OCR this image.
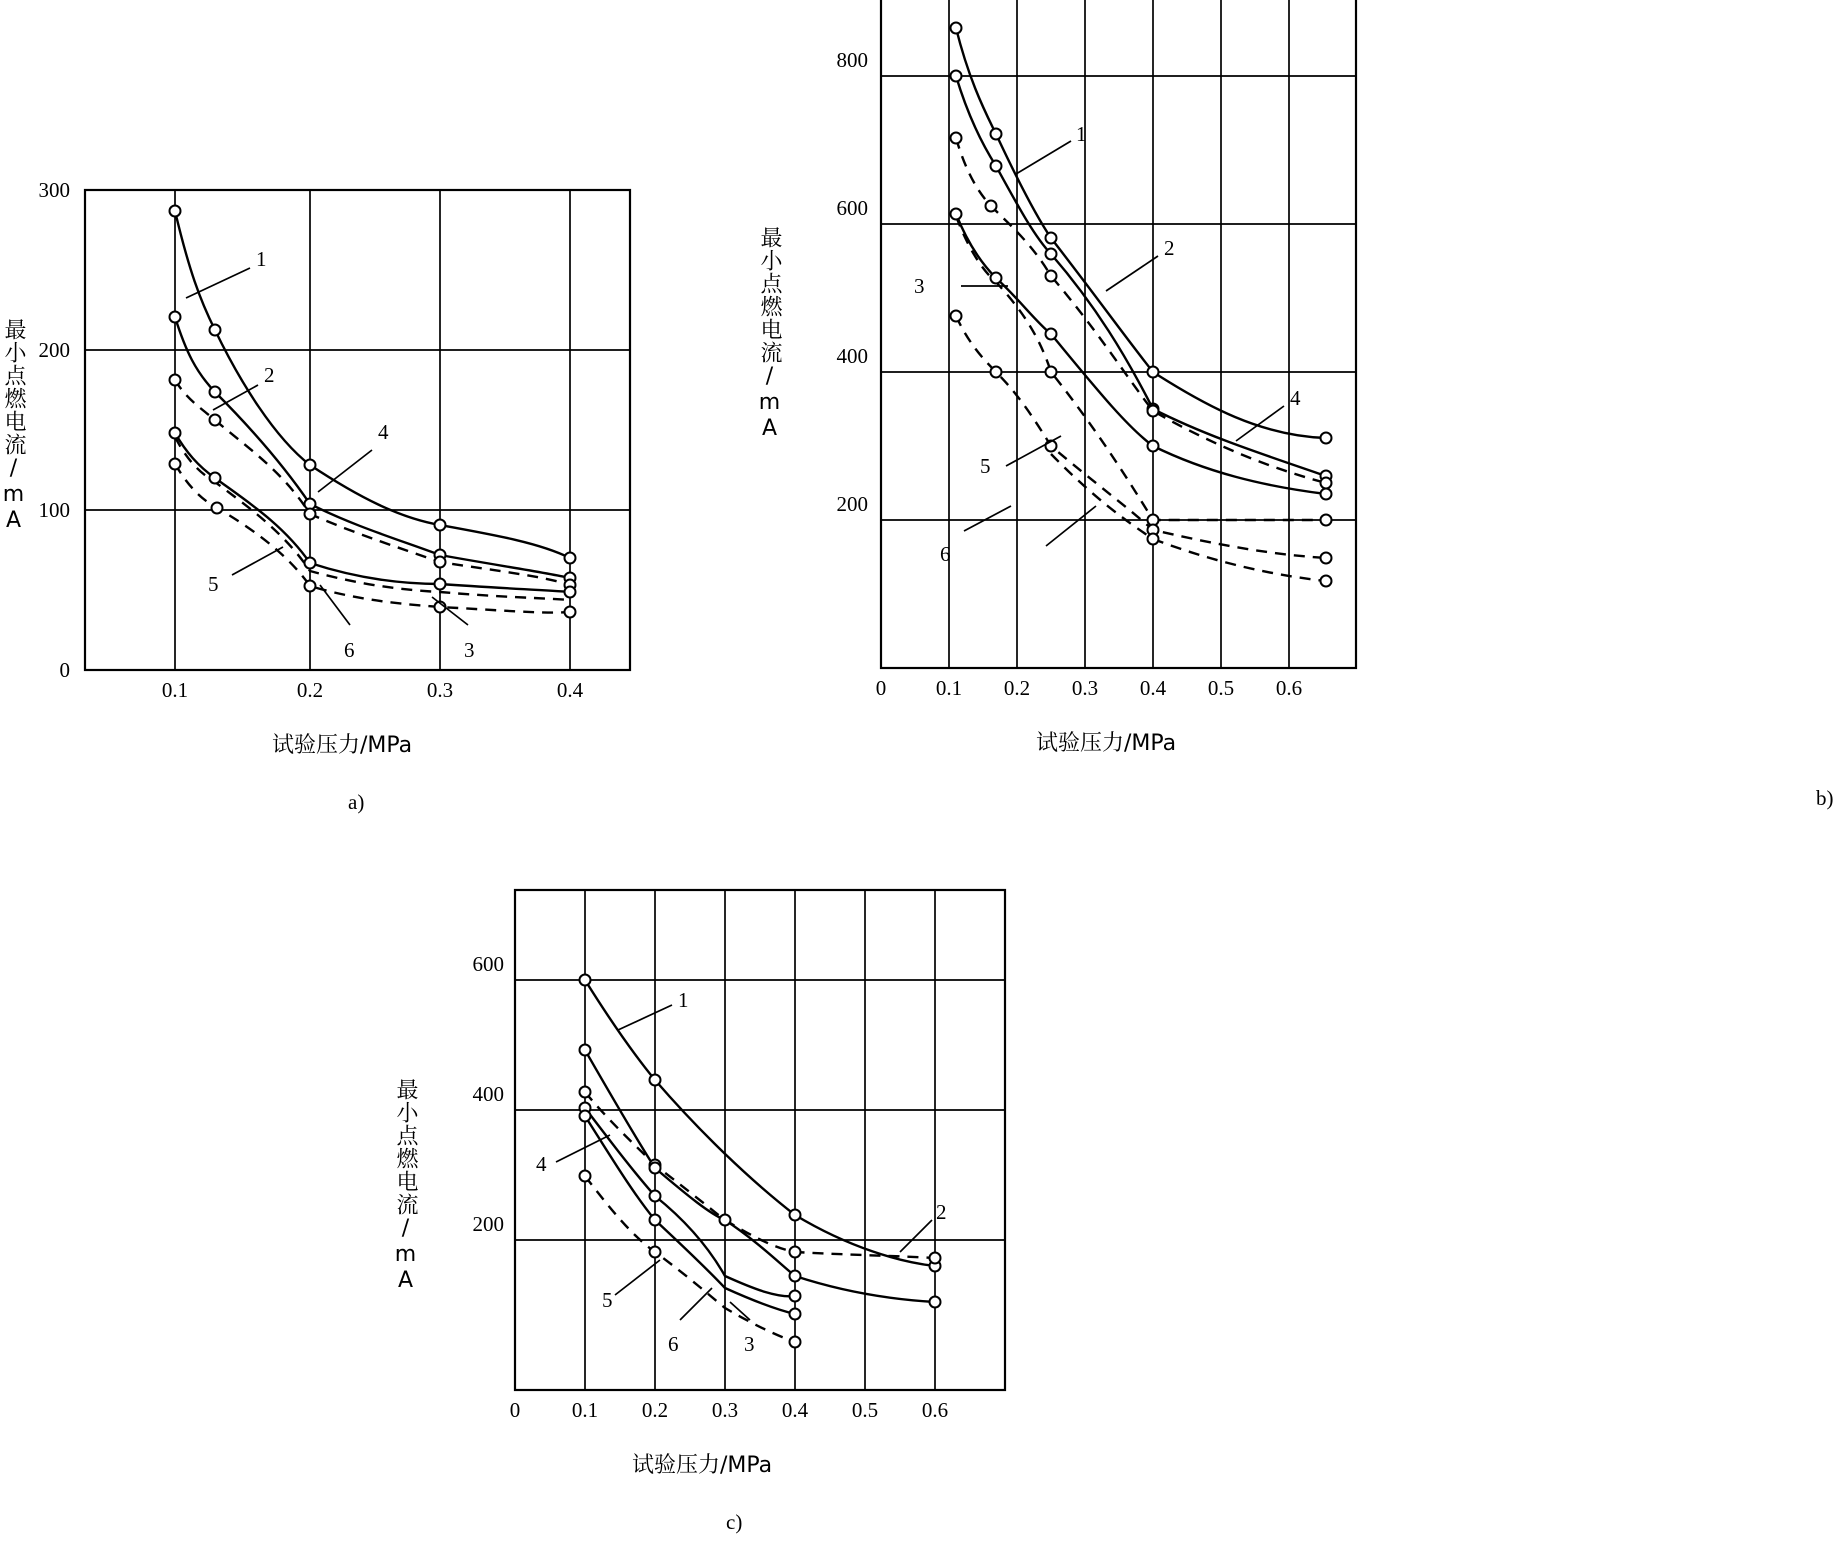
300
200
100
0
0.1	0.2	0.3	0.4
1
2
4
5
6	3
最小点燃电流/mA
试验压力/MPa
a)
800
600
400
200
0	0.1	0.2	0.3	0.4	0.5	0.6
1
2
3
4
5
6
最小点燃电流/mA
试验压力/MPa
b)
600
400
200
0	0.1	0.2	0.3	0.4	0.5	0.6
1
2
4
5
6	3
最小点燃电流/mA
试验压力/MPa
c)
